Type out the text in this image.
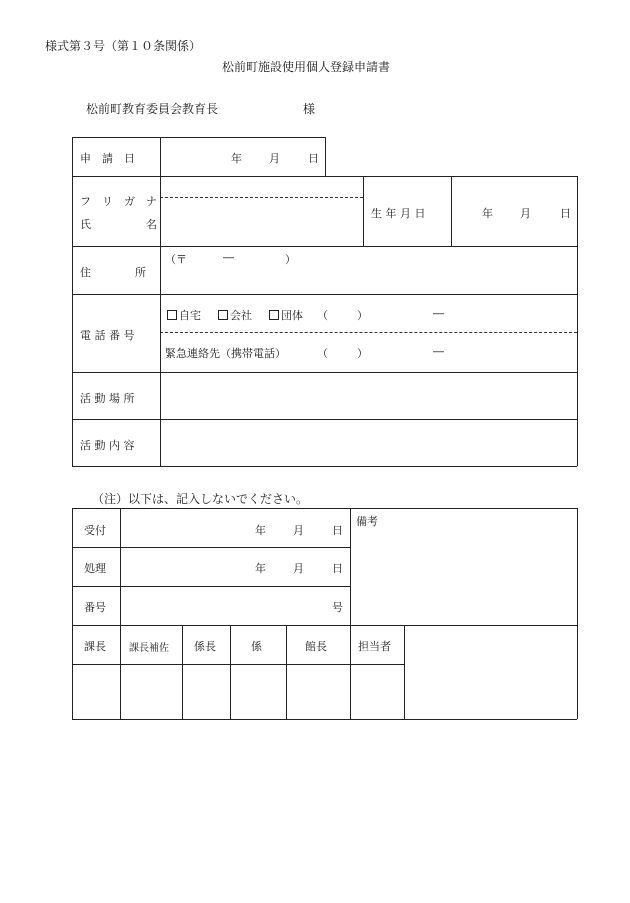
様式第３号（第１０条関係）
松前町施設使用個人登録申請書
松前町教育委員会教育長	様
申　請　日	年 月	日
フ　リ　ガ　ナ
氏　　　　　名
生 年 月 日	年 月	日
住　　　　所
（〒	―	）
電 話 番 号
自宅	会社	団体 （	）	―
緊急連絡先（携帯電話）	（	）	―
活 動 場 所
活 動 内 容
（注）以下は、記入しないでください。
受付	年 月	日
処理	年 月	日
番号	号
備考
課長 課長補佐 係長	係	館長	担当者
